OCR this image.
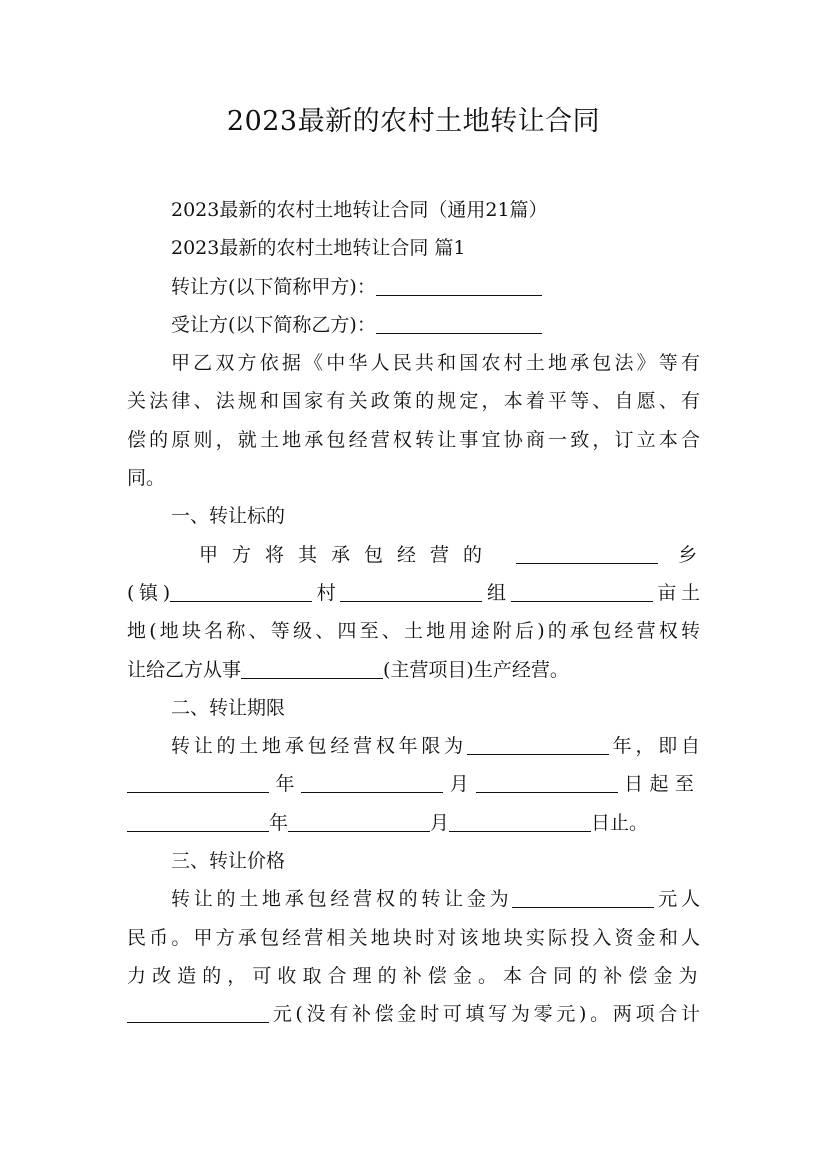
2023最新的农村土地转让合同

2023最新的农村土地转让合同（通用21篇）

2023最新的农村土地转让合同 篇1

转让方(以下简称甲方)：

受让方(以下简称乙方)：

甲乙双方依据《中华人民共和国农村土地承包法》等有
关法律、法规和国家有关政策的规定，本着平等、自愿、有
偿的原则，就土地承包经营权转让事宜协商一致，订立本合
同。

一、转让标的

甲方将其承包经营的	乡
(镇)	村	组	亩土
地(地块名称、等级、四至、土地用途附后)的承包经营权转
让给乙方从事	(主营项目)生产经营。

二、转让期限

转让的土地承包经营权年限为	年，即自
年	月	日起至
年	月	日止。

三、转让价格

转让的土地承包经营权的转让金为	元人
民币。甲方承包经营相关地块时对该地块实际投入资金和人
力改造的，可收取合理的补偿金。本合同的补偿金为
元(没有补偿金时可填写为零元)。两项合计
